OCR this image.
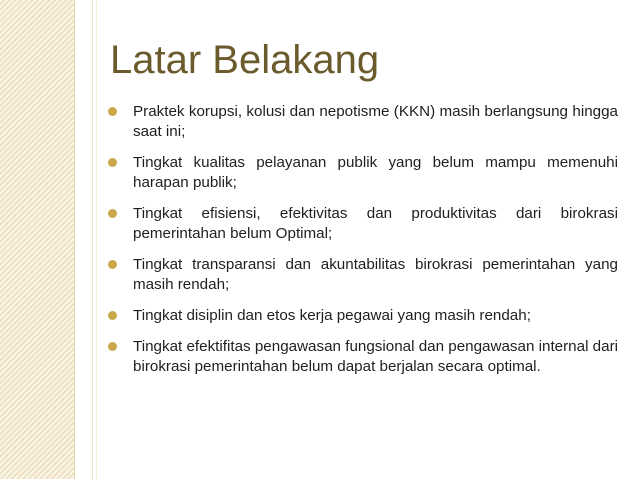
Latar Belakang
Praktek korupsi, kolusi dan nepotisme (KKN) masih berlangsung hingga saat ini;
Tingkat kualitas pelayanan publik yang belum mampu memenuhi harapan publik;
Tingkat efisiensi, efektivitas dan produktivitas dari birokrasi pemerintahan belum Optimal;
Tingkat transparansi dan akuntabilitas birokrasi pemerintahan yang masih rendah;
Tingkat disiplin dan etos kerja pegawai yang masih rendah;
Tingkat efektifitas pengawasan fungsional dan pengawasan internal dari birokrasi pemerintahan belum dapat berjalan secara optimal.
